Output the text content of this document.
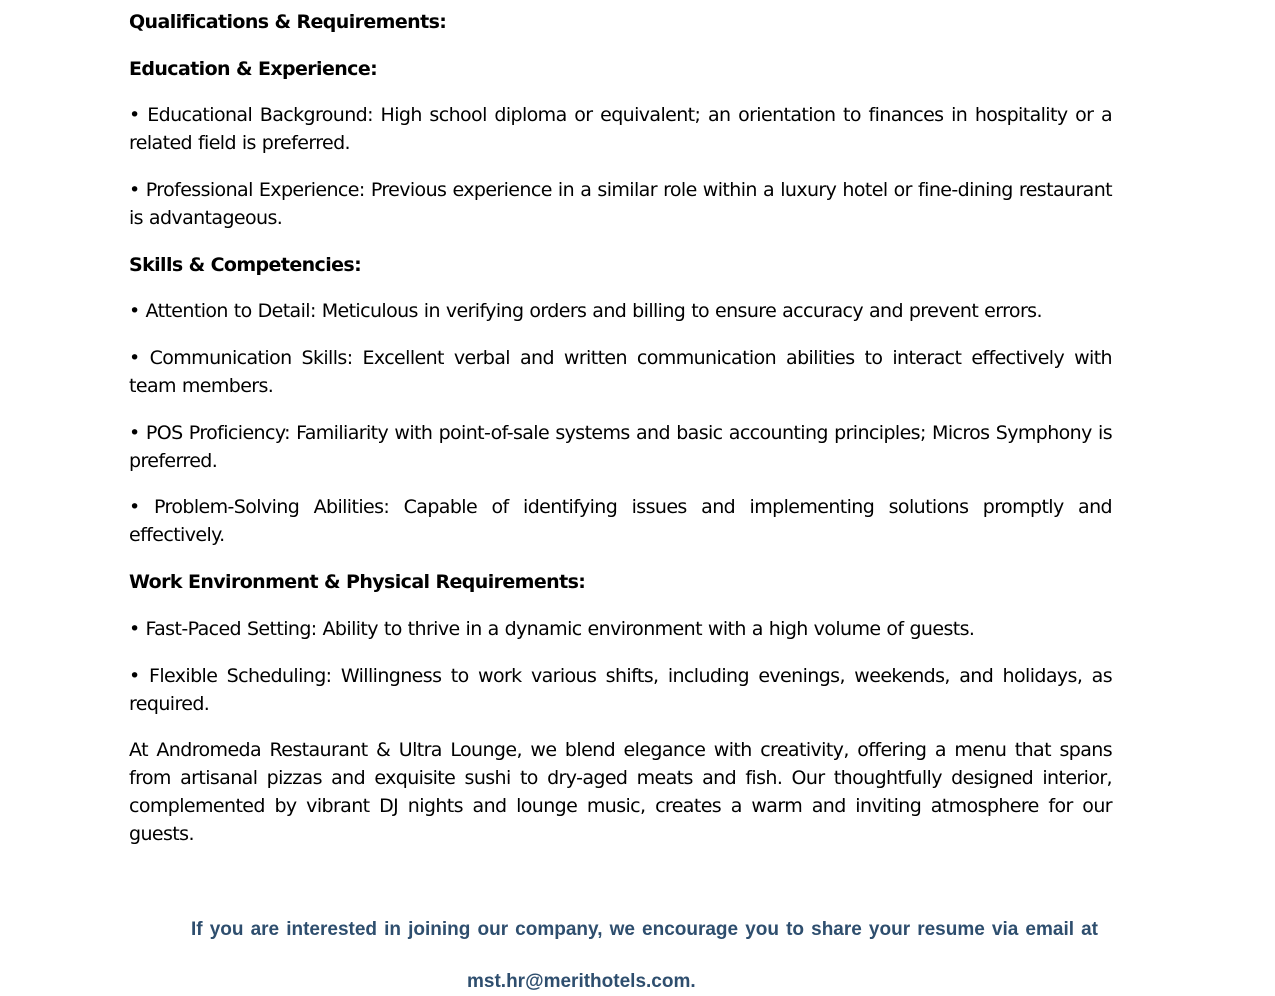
Qualifications & Requirements:
Education & Experience:
• Educational Background: High school diploma or equivalent; an orientation to finances in hospitality or a related field is preferred.
• Professional Experience: Previous experience in a similar role within a luxury hotel or fine-dining restaurant is advantageous.
Skills & Competencies:
• Attention to Detail: Meticulous in verifying orders and billing to ensure accuracy and prevent errors.
• Communication Skills: Excellent verbal and written communication abilities to interact effectively with team members.
• POS Proficiency: Familiarity with point-of-sale systems and basic accounting principles; Micros Symphony is preferred.
• Problem-Solving Abilities: Capable of identifying issues and implementing solutions promptly and effectively.
Work Environment & Physical Requirements:
• Fast-Paced Setting: Ability to thrive in a dynamic environment with a high volume of guests.
• Flexible Scheduling: Willingness to work various shifts, including evenings, weekends, and holidays, as required.
At Andromeda Restaurant & Ultra Lounge, we blend elegance with creativity, offering a menu that spans from artisanal pizzas and exquisite sushi to dry-aged meats and fish. Our thoughtfully designed interior, complemented by vibrant DJ nights and lounge music, creates a warm and inviting atmosphere for our guests.
If you are interested in joining our company, we encourage you to share your resume via email at
mst.hr@merithotels.com.
